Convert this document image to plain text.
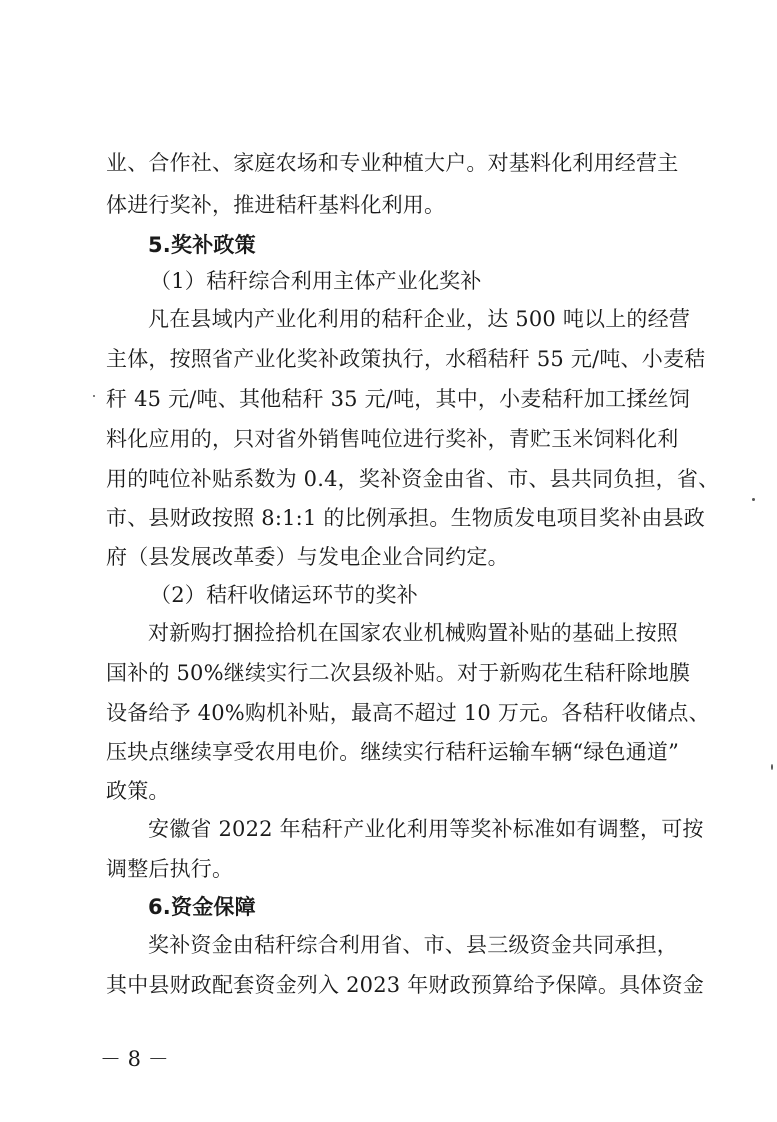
业、合作社、家庭农场和专业种植大户。对基料化利用经营主
体进行奖补，推进秸秆基料化利用。
5.奖补政策
（1）秸秆综合利用主体产业化奖补
凡在县域内产业化利用的秸秆企业，达 500 吨以上的经营
主体，按照省产业化奖补政策执行，水稻秸秆 55 元/吨、小麦秸
秆 45 元/吨、其他秸秆 35 元/吨，其中，小麦秸秆加工揉丝饲
料化应用的，只对省外销售吨位进行奖补，青贮玉米饲料化利
用的吨位补贴系数为 0.4，奖补资金由省、市、县共同负担，省、
市、县财政按照 8:1:1 的比例承担。生物质发电项目奖补由县政
府（县发展改革委）与发电企业合同约定。
（2）秸秆收储运环节的奖补
对新购打捆捡拾机在国家农业机械购置补贴的基础上按照
国补的 50%继续实行二次县级补贴。对于新购花生秸秆除地膜
设备给予 40%购机补贴，最高不超过 10 万元。各秸秆收储点、
压块点继续享受农用电价。继续实行秸秆运输车辆“绿色通道”
政策。
安徽省 2022 年秸秆产业化利用等奖补标准如有调整，可按
调整后执行。
6.资金保障
奖补资金由秸秆综合利用省、市、县三级资金共同承担，
其中县财政配套资金列入 2023 年财政预算给予保障。具体资金
－ 8 －
